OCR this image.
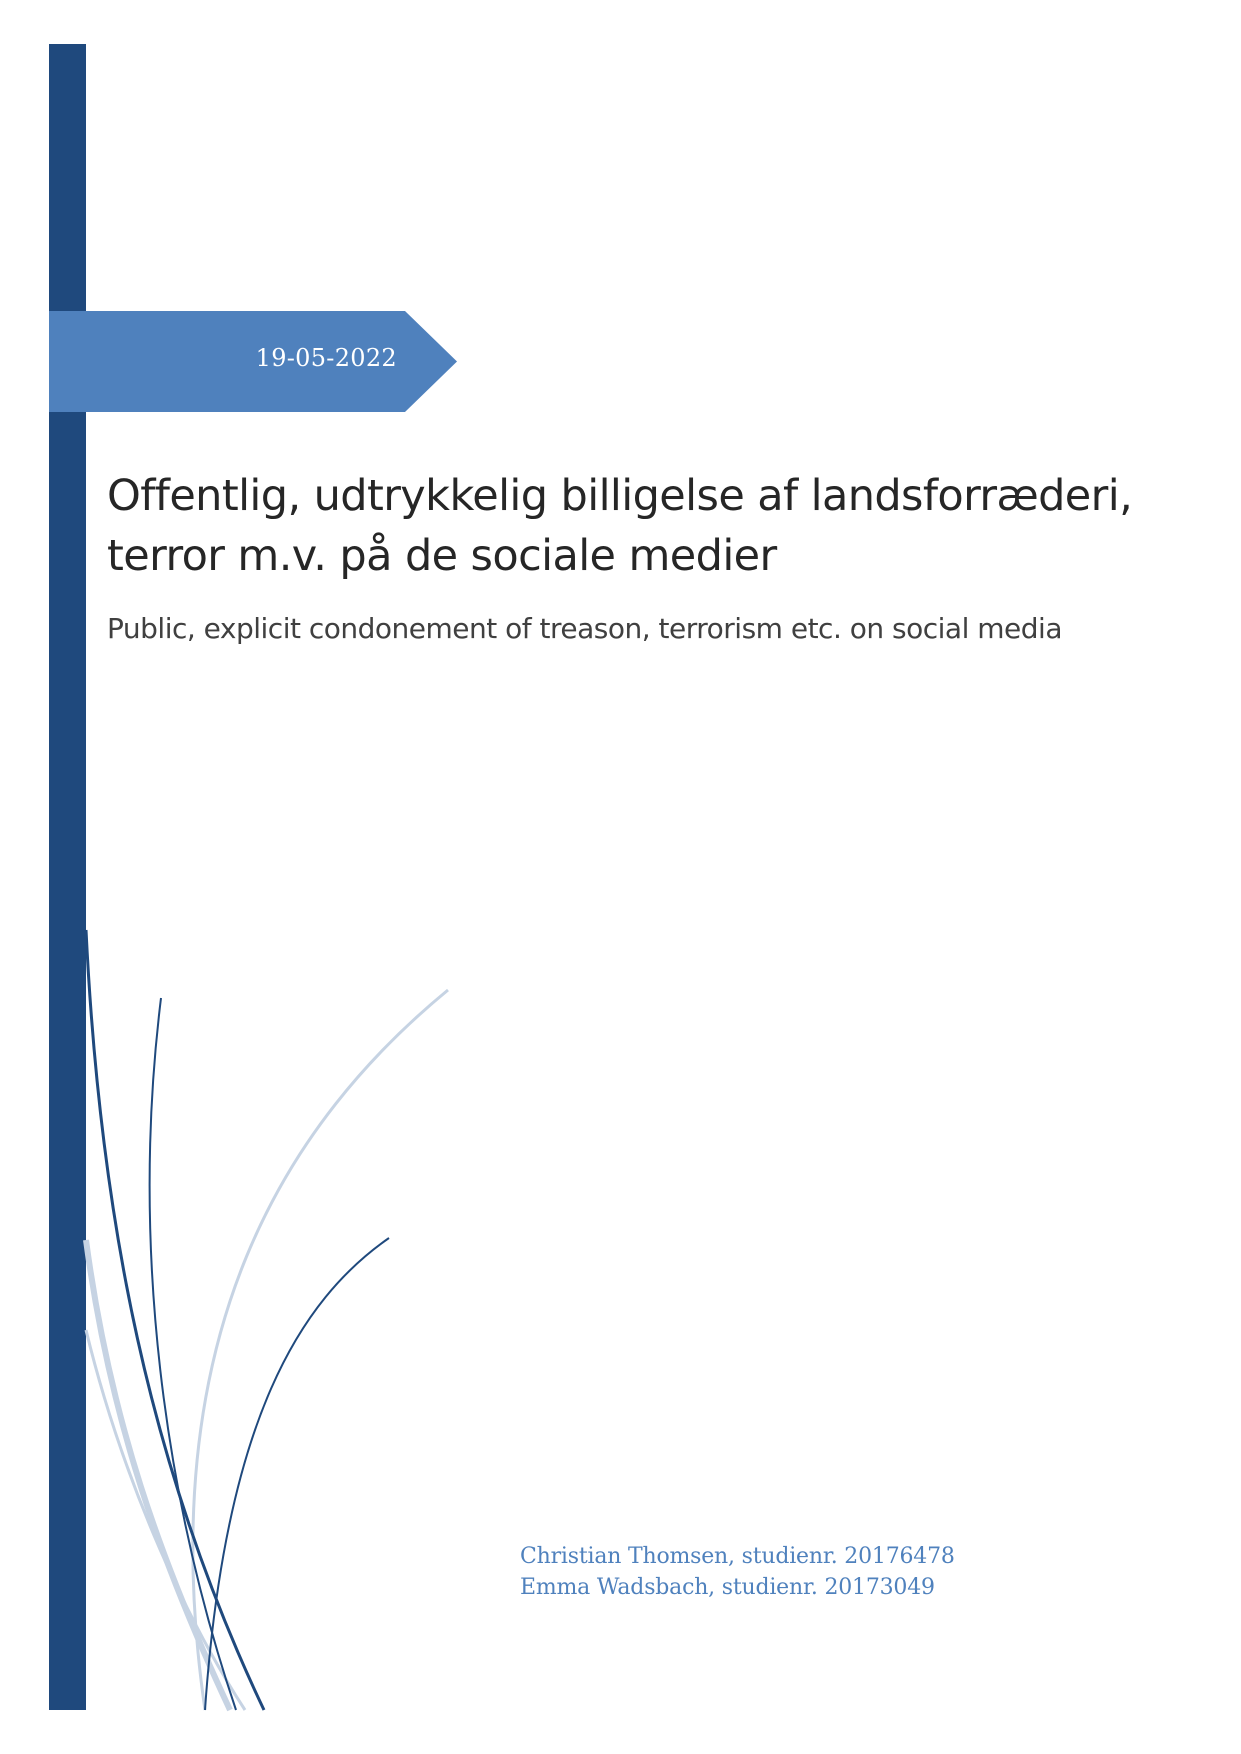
19-05-2022
Offentlig, udtrykkelig billigelse af landsforræderi,
terror m.v. på de sociale medier
Public, explicit condonement of treason, terrorism etc. on social media
Christian Thomsen, studienr. 20176478
Emma Wadsbach, studienr. 20173049
